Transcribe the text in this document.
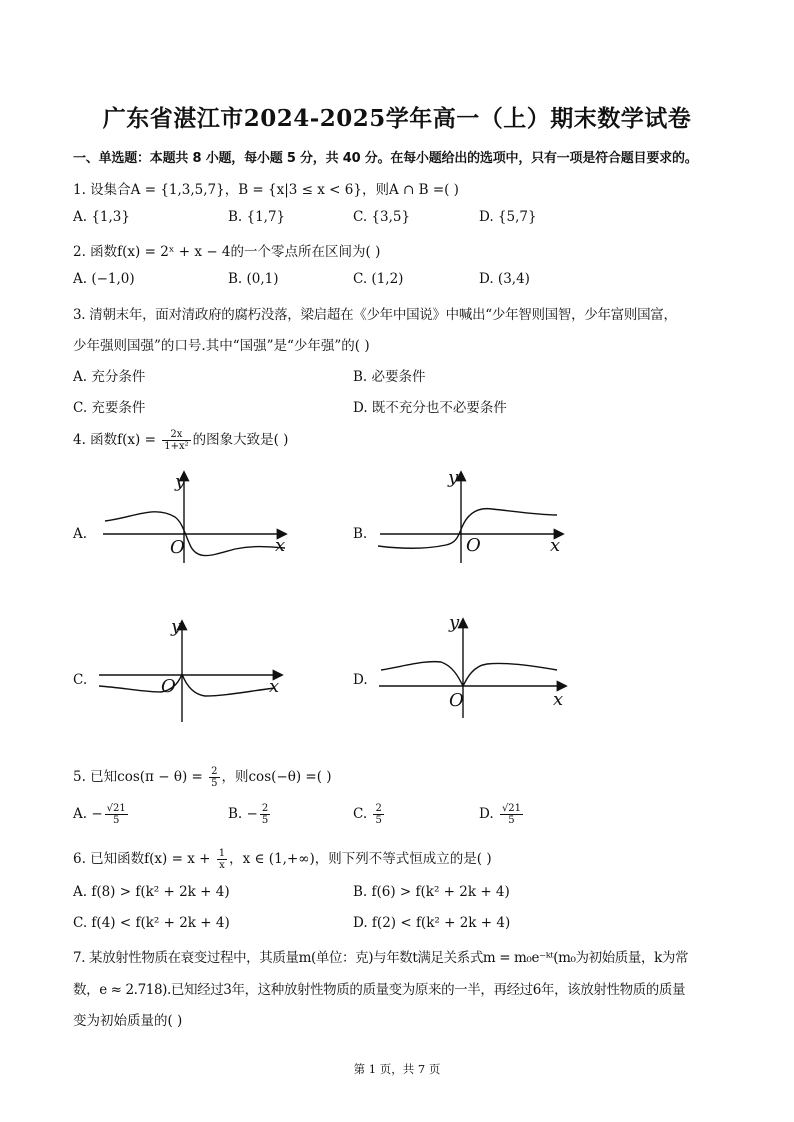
广东省湛江市2024-2025学年高一（上）期末数学试卷
一、单选题：本题共 8 小题，每小题 5 分，共 40 分。在每小题给出的选项中，只有一项是符合题目要求的。
1. 设集合A = {1,3,5,7}，B = {x|3 ≤ x < 6}，则A ∩ B =( )
A. {1,3}	B. {1,7}	C. {3,5}	D. {5,7}
2. 函数f(x) = 2ˣ + x − 4的一个零点所在区间为( )
A. (−1,0)	B. (0,1)	C. (1,2)	D. (3,4)
3. 清朝末年，面对清政府的腐朽没落，梁启超在《少年中国说》中喊出“少年智则国智，少年富则国富，
少年强则国强”的口号.其中“国强”是“少年强”的( )
A. 充分条件	B. 必要条件
C. 充要条件	D. 既不充分也不必要条件
4. 函数$f(x) = \frac{2x}{\text{1+x²}}$ 的图象大致是( )
A.	B.
C.	D.
y
x
O
y
x
O
y
x
O
y
x
O
5. 已知$\cos(\pi - \theta) = \frac{2}{5}$ ，则cos(−θ) =( )
A. − $\frac{√21}{5}$	B. − $\frac{2}{5}$	C. $\frac{2}{5}$	D. $\frac{√21}{5}$
6. 已知函数$f(x) = x + \frac{1}{x}$ ，x ∈ (1,+∞)，则下列不等式恒成立的是( )
A. f(8) > f(k² + 2k + 4)	B. f(6) > f(k² + 2k + 4)
C. f(4) < f(k² + 2k + 4)	D. f(2) < f(k² + 2k + 4)
7. 某放射性物质在衰变过程中，其质量m(单位：克)与年数t满足关系式m = m₀e⁻ᵏᵗ(m₀为初始质量，k为常
数，e ≈ 2.718).已知经过3年，这种放射性物质的质量变为原来的一半，再经过6年，该放射性物质的质量
变为初始质量的( )
第 1 页，共 7 页
